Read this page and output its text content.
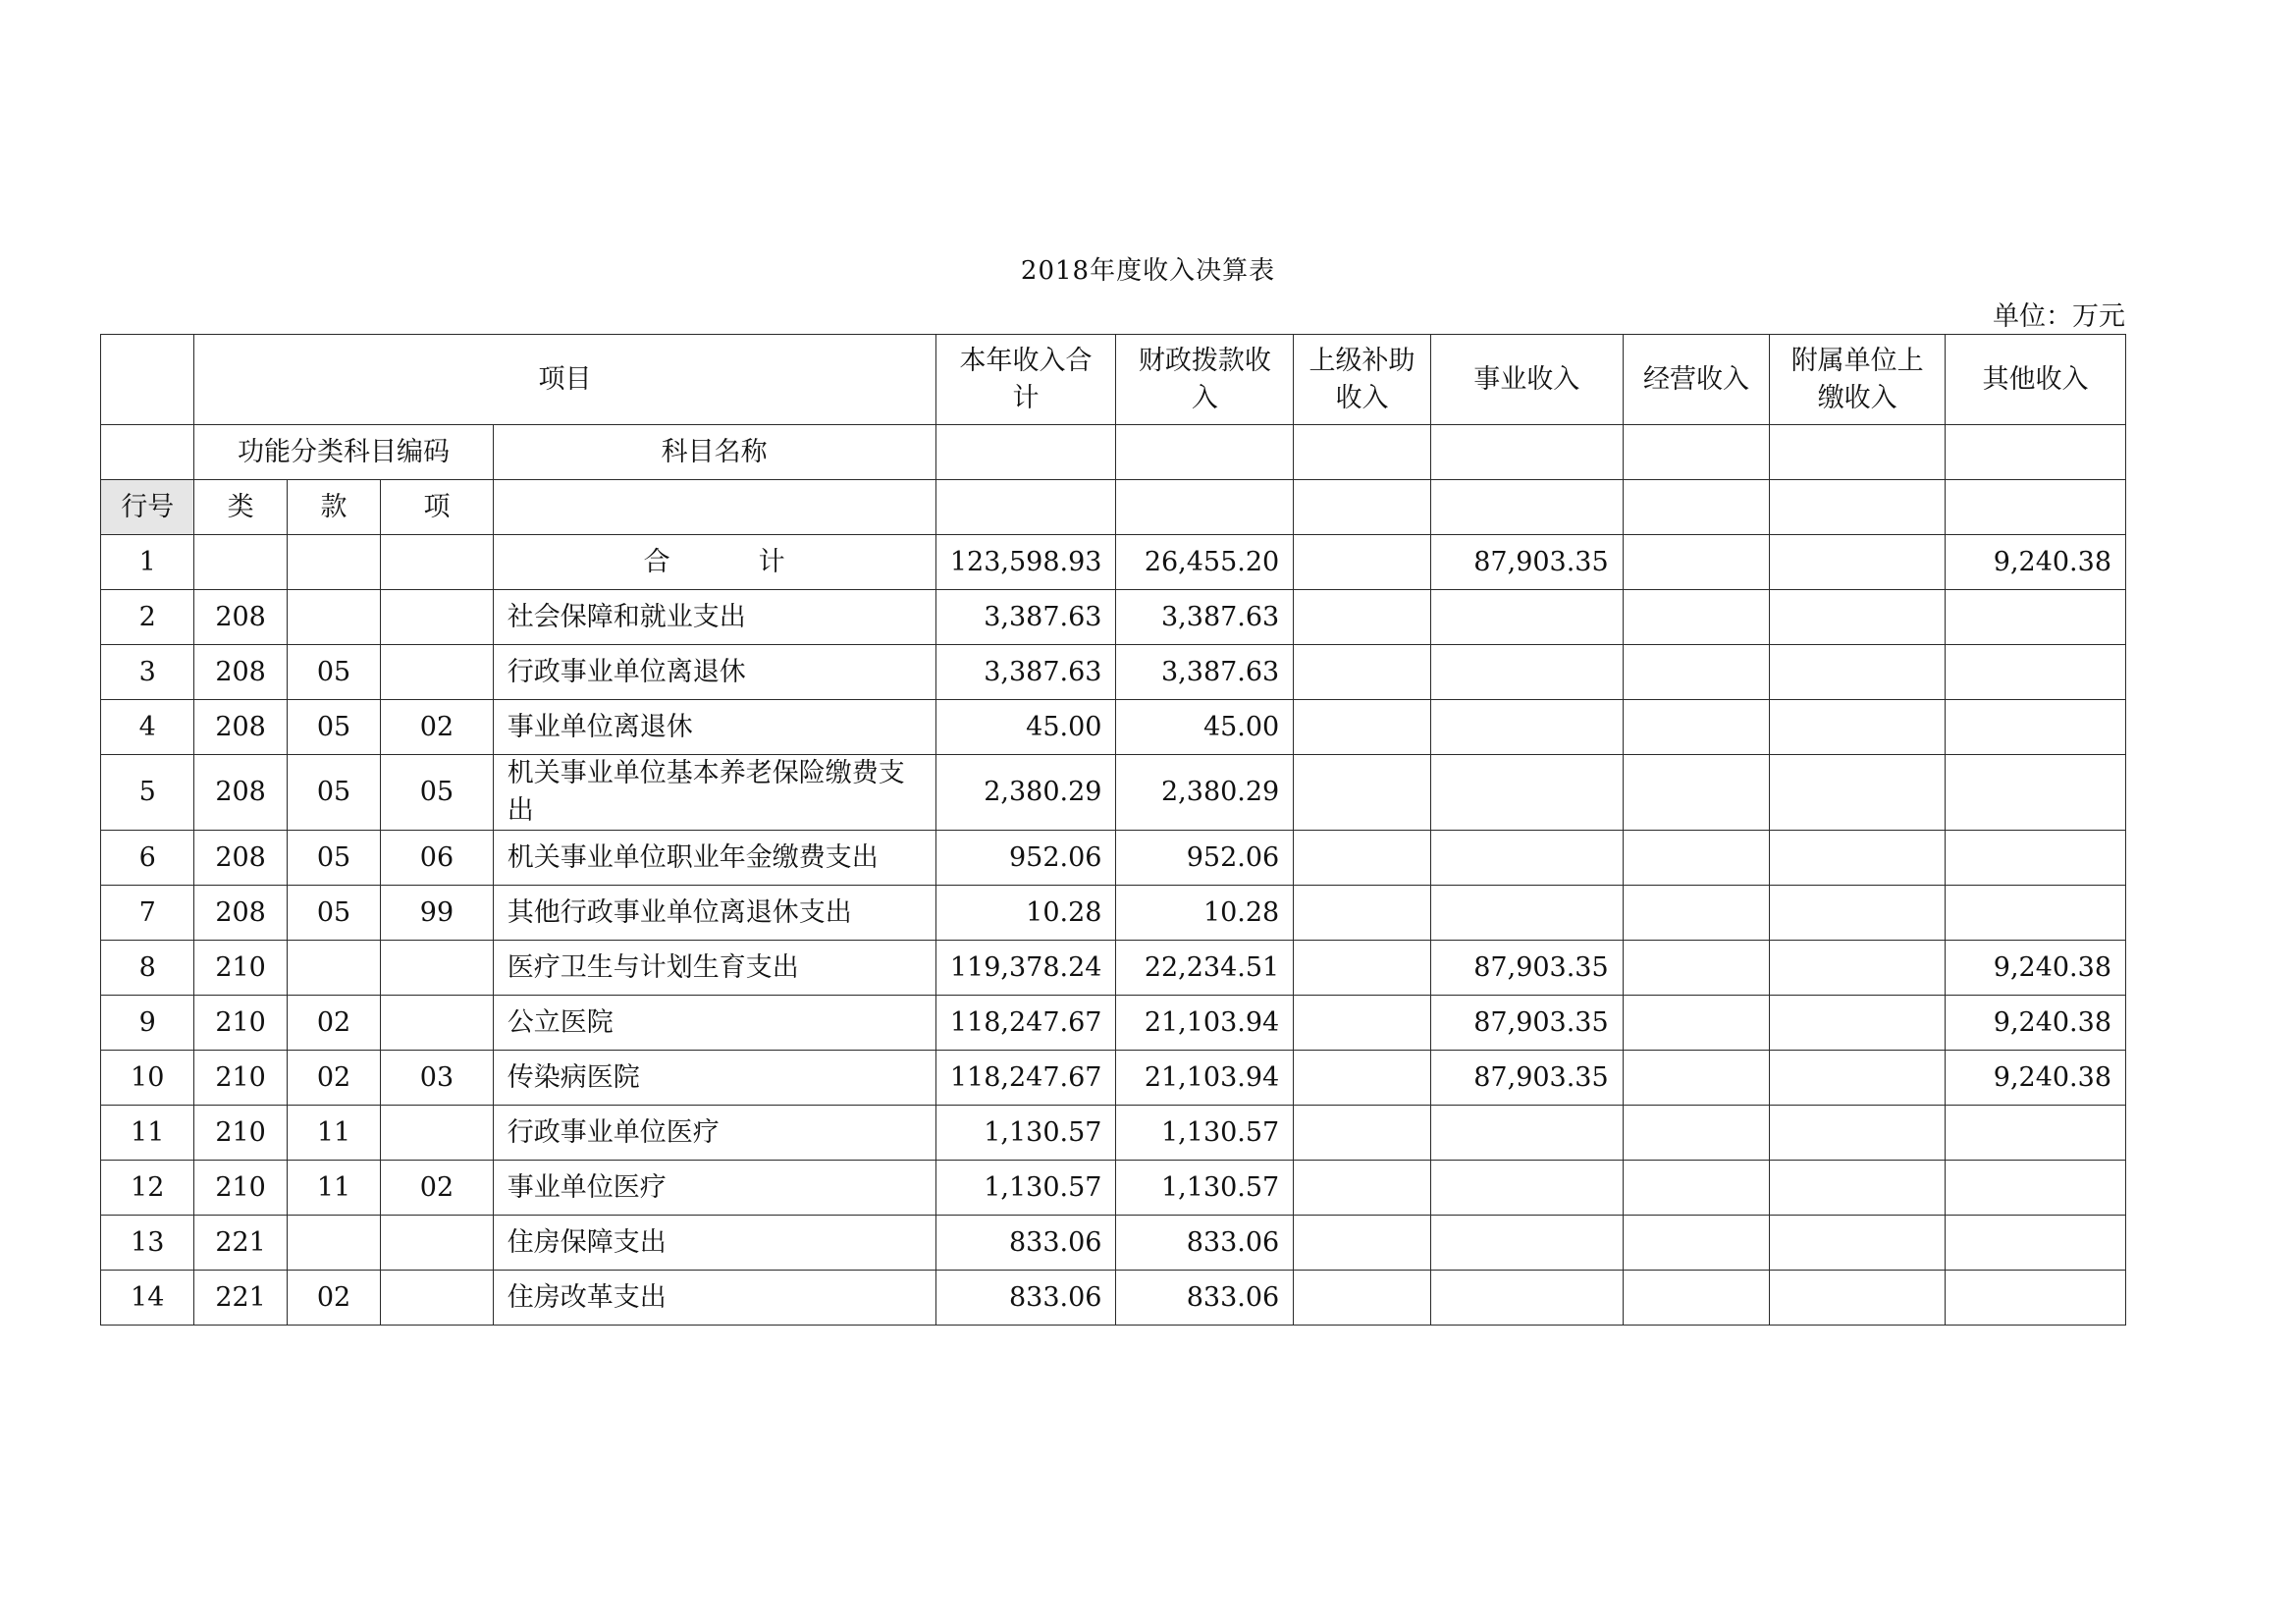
2018年度收入决算表
单位：万元
	项目				本年收入合计	财政拨款收入	上级补助收入	事业收入	经营收入	附属单位上缴收入	其他收入
	功能分类科目编码			科目名称							
行号	类	款	项								
1				合 计	123,598.93	26,455.20		87,903.35			9,240.38
2	208			社会保障和就业支出	3,387.63	3,387.63					
3	208	05		行政事业单位离退休	3,387.63	3,387.63					
4	208	05	02	事业单位离退休	45.00	45.00					
5	208	05	05	机关事业单位基本养老保险缴费支出	2,380.29	2,380.29					
6	208	05	06	机关事业单位职业年金缴费支出	952.06	952.06					
7	208	05	99	其他行政事业单位离退休支出	10.28	10.28					
8	210			医疗卫生与计划生育支出	119,378.24	22,234.51		87,903.35			9,240.38
9	210	02		公立医院	118,247.67	21,103.94		87,903.35			9,240.38
10	210	02	03	传染病医院	118,247.67	21,103.94		87,903.35			9,240.38
11	210	11		行政事业单位医疗	1,130.57	1,130.57					
12	210	11	02	事业单位医疗	1,130.57	1,130.57					
13	221			住房保障支出	833.06	833.06					
14	221	02		住房改革支出	833.06	833.06					
